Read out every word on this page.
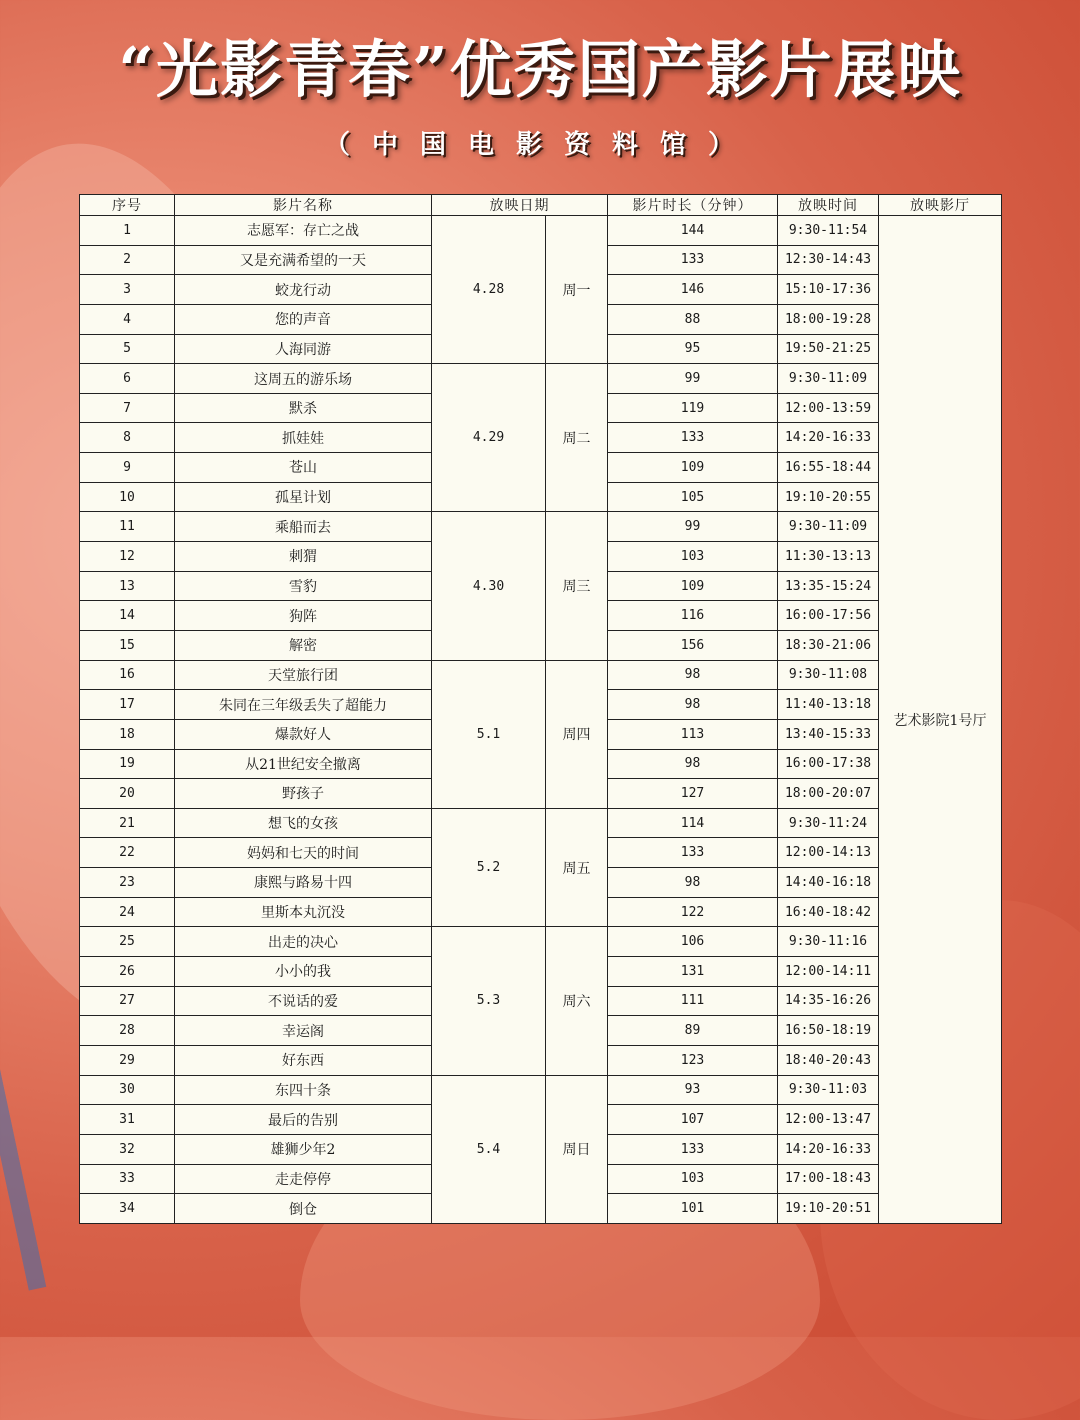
“光影青春”优秀国产影片展映
（中国电影资料馆）
序号	影片名称	放映日期		影片时长（分钟）	放映时间	放映影厅
1	志愿军：存亡之战	4.28	周一	144	9:30-11:54	艺术影院1号厅
2	又是充满希望的一天			133	12:30-14:43	
3	蛟龙行动			146	15:10-17:36	
4	您的声音			88	18:00-19:28	
5	人海同游			95	19:50-21:25	
6	这周五的游乐场	4.29	周二	99	9:30-11:09	
7	默杀			119	12:00-13:59	
8	抓娃娃			133	14:20-16:33	
9	苍山			109	16:55-18:44	
10	孤星计划			105	19:10-20:55	
11	乘船而去	4.30	周三	99	9:30-11:09	
12	刺猬			103	11:30-13:13	
13	雪豹			109	13:35-15:24	
14	狗阵			116	16:00-17:56	
15	解密			156	18:30-21:06	
16	天堂旅行团	5.1	周四	98	9:30-11:08	
17	朱同在三年级丢失了超能力			98	11:40-13:18	
18	爆款好人			113	13:40-15:33	
19	从21世纪安全撤离			98	16:00-17:38	
20	野孩子			127	18:00-20:07	
21	想飞的女孩	5.2	周五	114	9:30-11:24	
22	妈妈和七天的时间			133	12:00-14:13	
23	康熙与路易十四			98	14:40-16:18	
24	里斯本丸沉没			122	16:40-18:42	
25	出走的决心	5.3	周六	106	9:30-11:16	
26	小小的我			131	12:00-14:11	
27	不说话的爱			111	14:35-16:26	
28	幸运阁			89	16:50-18:19	
29	好东西			123	18:40-20:43	
30	东四十条	5.4	周日	93	9:30-11:03	
31	最后的告别			107	12:00-13:47	
32	雄狮少年2			133	14:20-16:33	
33	走走停停			103	17:00-18:43	
34	倒仓			101	19:10-20:51	
